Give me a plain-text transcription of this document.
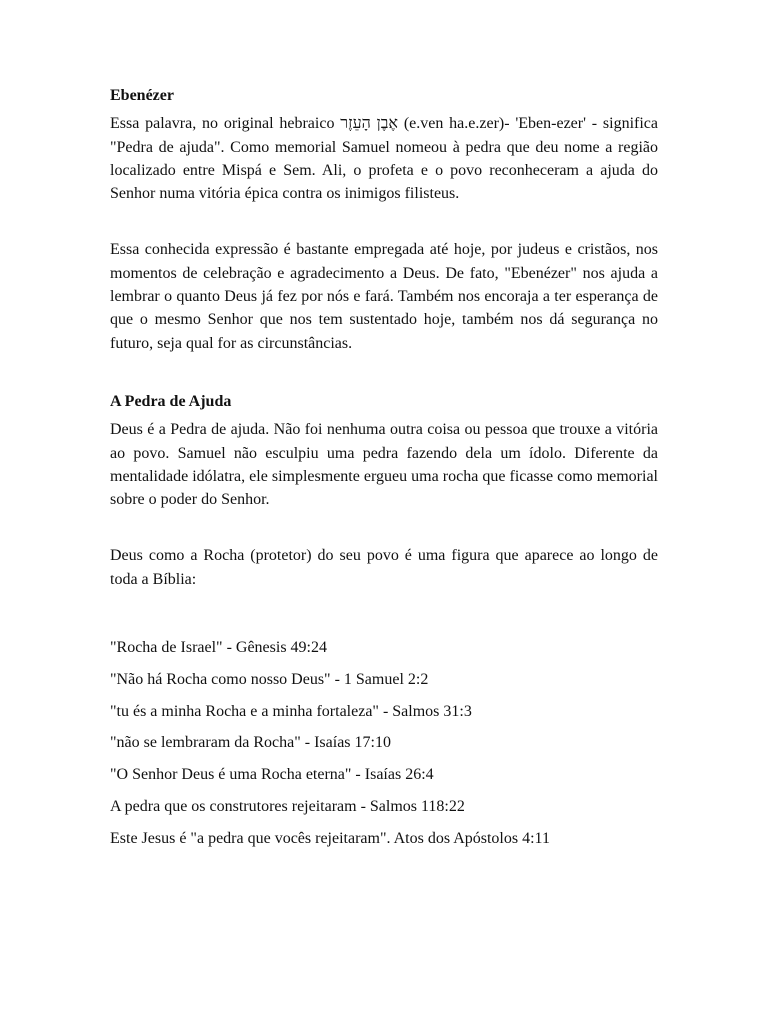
Ebenézer

Essa palavra, no original hebraico אֶבֶן הָעֵזֶר (e.ven ha.e.zer)- 'Eben-ezer' - significa "Pedra de ajuda". Como memorial Samuel nomeou à pedra que deu nome a região localizado entre Mispá e Sem. Ali, o profeta e o povo reconheceram a ajuda do Senhor numa vitória épica contra os inimigos filisteus.

Essa conhecida expressão é bastante empregada até hoje, por judeus e cristãos, nos momentos de celebração e agradecimento a Deus. De fato, "Ebenézer" nos ajuda a lembrar o quanto Deus já fez por nós e fará. Também nos encoraja a ter esperança de que o mesmo Senhor que nos tem sustentado hoje, também nos dá segurança no futuro, seja qual for as circunstâncias.

A Pedra de Ajuda

Deus é a Pedra de ajuda. Não foi nenhuma outra coisa ou pessoa que trouxe a vitória ao povo. Samuel não esculpiu uma pedra fazendo dela um ídolo. Diferente da mentalidade idólatra, ele simplesmente ergueu uma rocha que ficasse como memorial sobre o poder do Senhor.

Deus como a Rocha (protetor) do seu povo é uma figura que aparece ao longo de toda a Bíblia:

"Rocha de Israel" - Gênesis 49:24

"Não há Rocha como nosso Deus" - 1 Samuel 2:2

"tu és a minha Rocha e a minha fortaleza" - Salmos 31:3

"não se lembraram da Rocha" - Isaías 17:10

"O Senhor Deus é uma Rocha eterna" - Isaías 26:4

A pedra que os construtores rejeitaram - Salmos 118:22

Este Jesus é "a pedra que vocês rejeitaram". Atos dos Apóstolos 4:11
